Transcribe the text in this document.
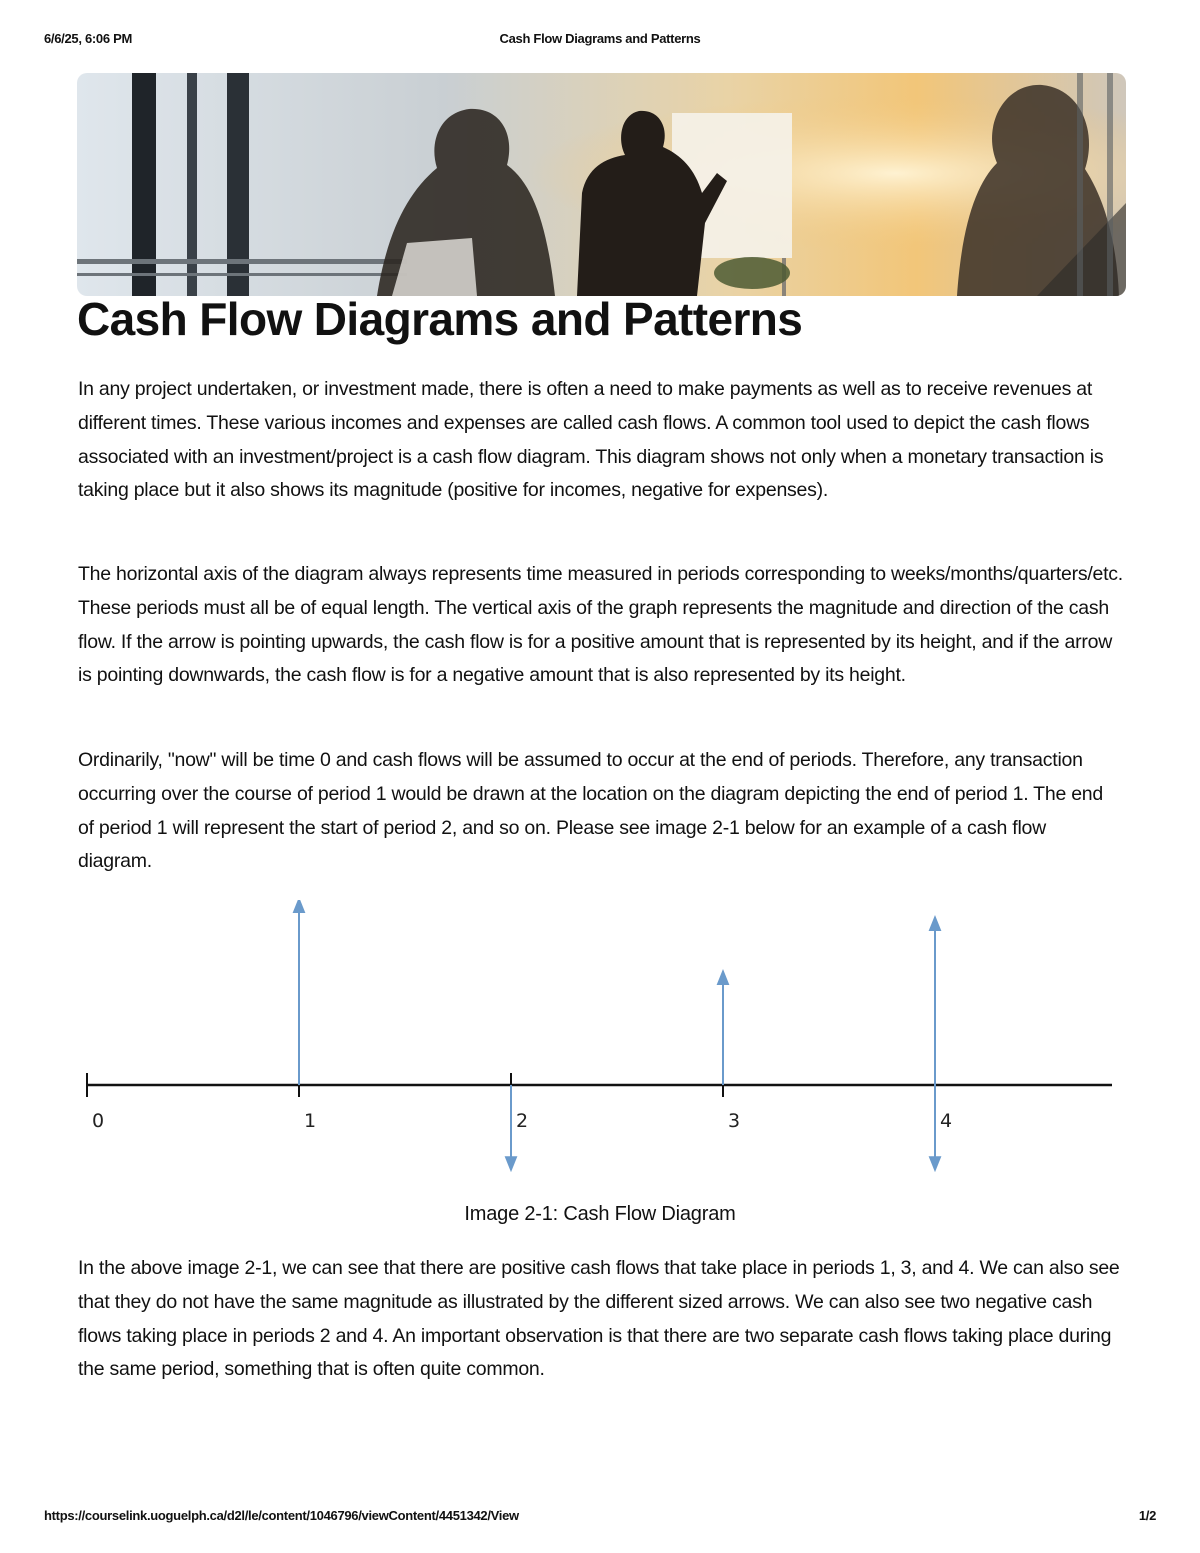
6/6/25, 6:06 PM	Cash Flow Diagrams and Patterns
Cash Flow Diagrams and Patterns

In any project undertaken, or investment made, there is often a need to make payments as well as to receive revenues at different times. These various incomes and expenses are called cash flows. A common tool used to depict the cash flows associated with an investment/project is a cash flow diagram. This diagram shows not only when a monetary transaction is taking place but it also shows its magnitude (positive for incomes, negative for expenses).

The horizontal axis of the diagram always represents time measured in periods corresponding to weeks/months/quarters/etc. These periods must all be of equal length. The vertical axis of the graph represents the magnitude and direction of the cash flow. If the arrow is pointing upwards, the cash flow is for a positive amount that is represented by its height, and if the arrow is pointing downwards, the cash flow is for a negative amount that is also represented by its height.

Ordinarily, "now" will be time 0 and cash flows will be assumed to occur at the end of periods. Therefore, any transaction occurring over the course of period 1 would be drawn at the location on the diagram depicting the end of period 1. The end of period 1 will represent the start of period 2, and so on. Please see image 2-1 below for an example of a cash flow diagram.

0	1	2	3	4
Image 2-1: Cash Flow Diagram

In the above image 2-1, we can see that there are positive cash flows that take place in periods 1, 3, and 4. We can also see that they do not have the same magnitude as illustrated by the different sized arrows. We can also see two negative cash flows taking place in periods 2 and 4. An important observation is that there are two separate cash flows taking place during the same period, something that is often quite common.

https://courselink.uoguelph.ca/d2l/le/content/1046796/viewContent/4451342/View	1/2
